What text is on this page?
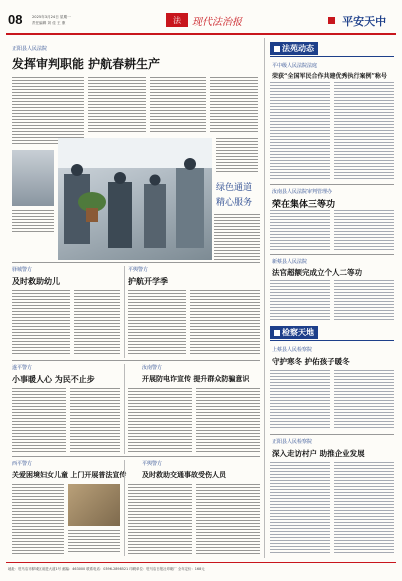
08	2025年3月24日 星期一
责任编辑 刘 佳 王 康	法 现代法治报	平安天中
正阳县人民法院
发挥审判职能 护航春耕生产
绿色通道
精心服务
驿城警方
及时救助幼儿
平舆警方
护航开学季
遂平警方
小事暖人心 为民不止步
汝南警方
开展防电诈宣传 提升群众防骗意识
西平警方
关爱困境妇女儿童 上门开展普法宣传
平舆警方
及时救助交通事故受伤人员
法苑动态
平中级人民法院法庭
荣获“全国军民合作共建优秀执行案例”称号
汝南县人民法院审判管理办
荣在集体三等功
新蔡县人民法院
法官超额完成立个人二等功
检察天地
上蔡县人民检察院
守护寒冬 护佑孩子暖冬
正阳县人民检察院
深入走访村户 助推企业发展
地址：驻马店市驿城区前进大道1号 邮编：463000 联系电话：0396-2898521 印刷单位：驻马店日报社印刷厂 全年定价：168元
